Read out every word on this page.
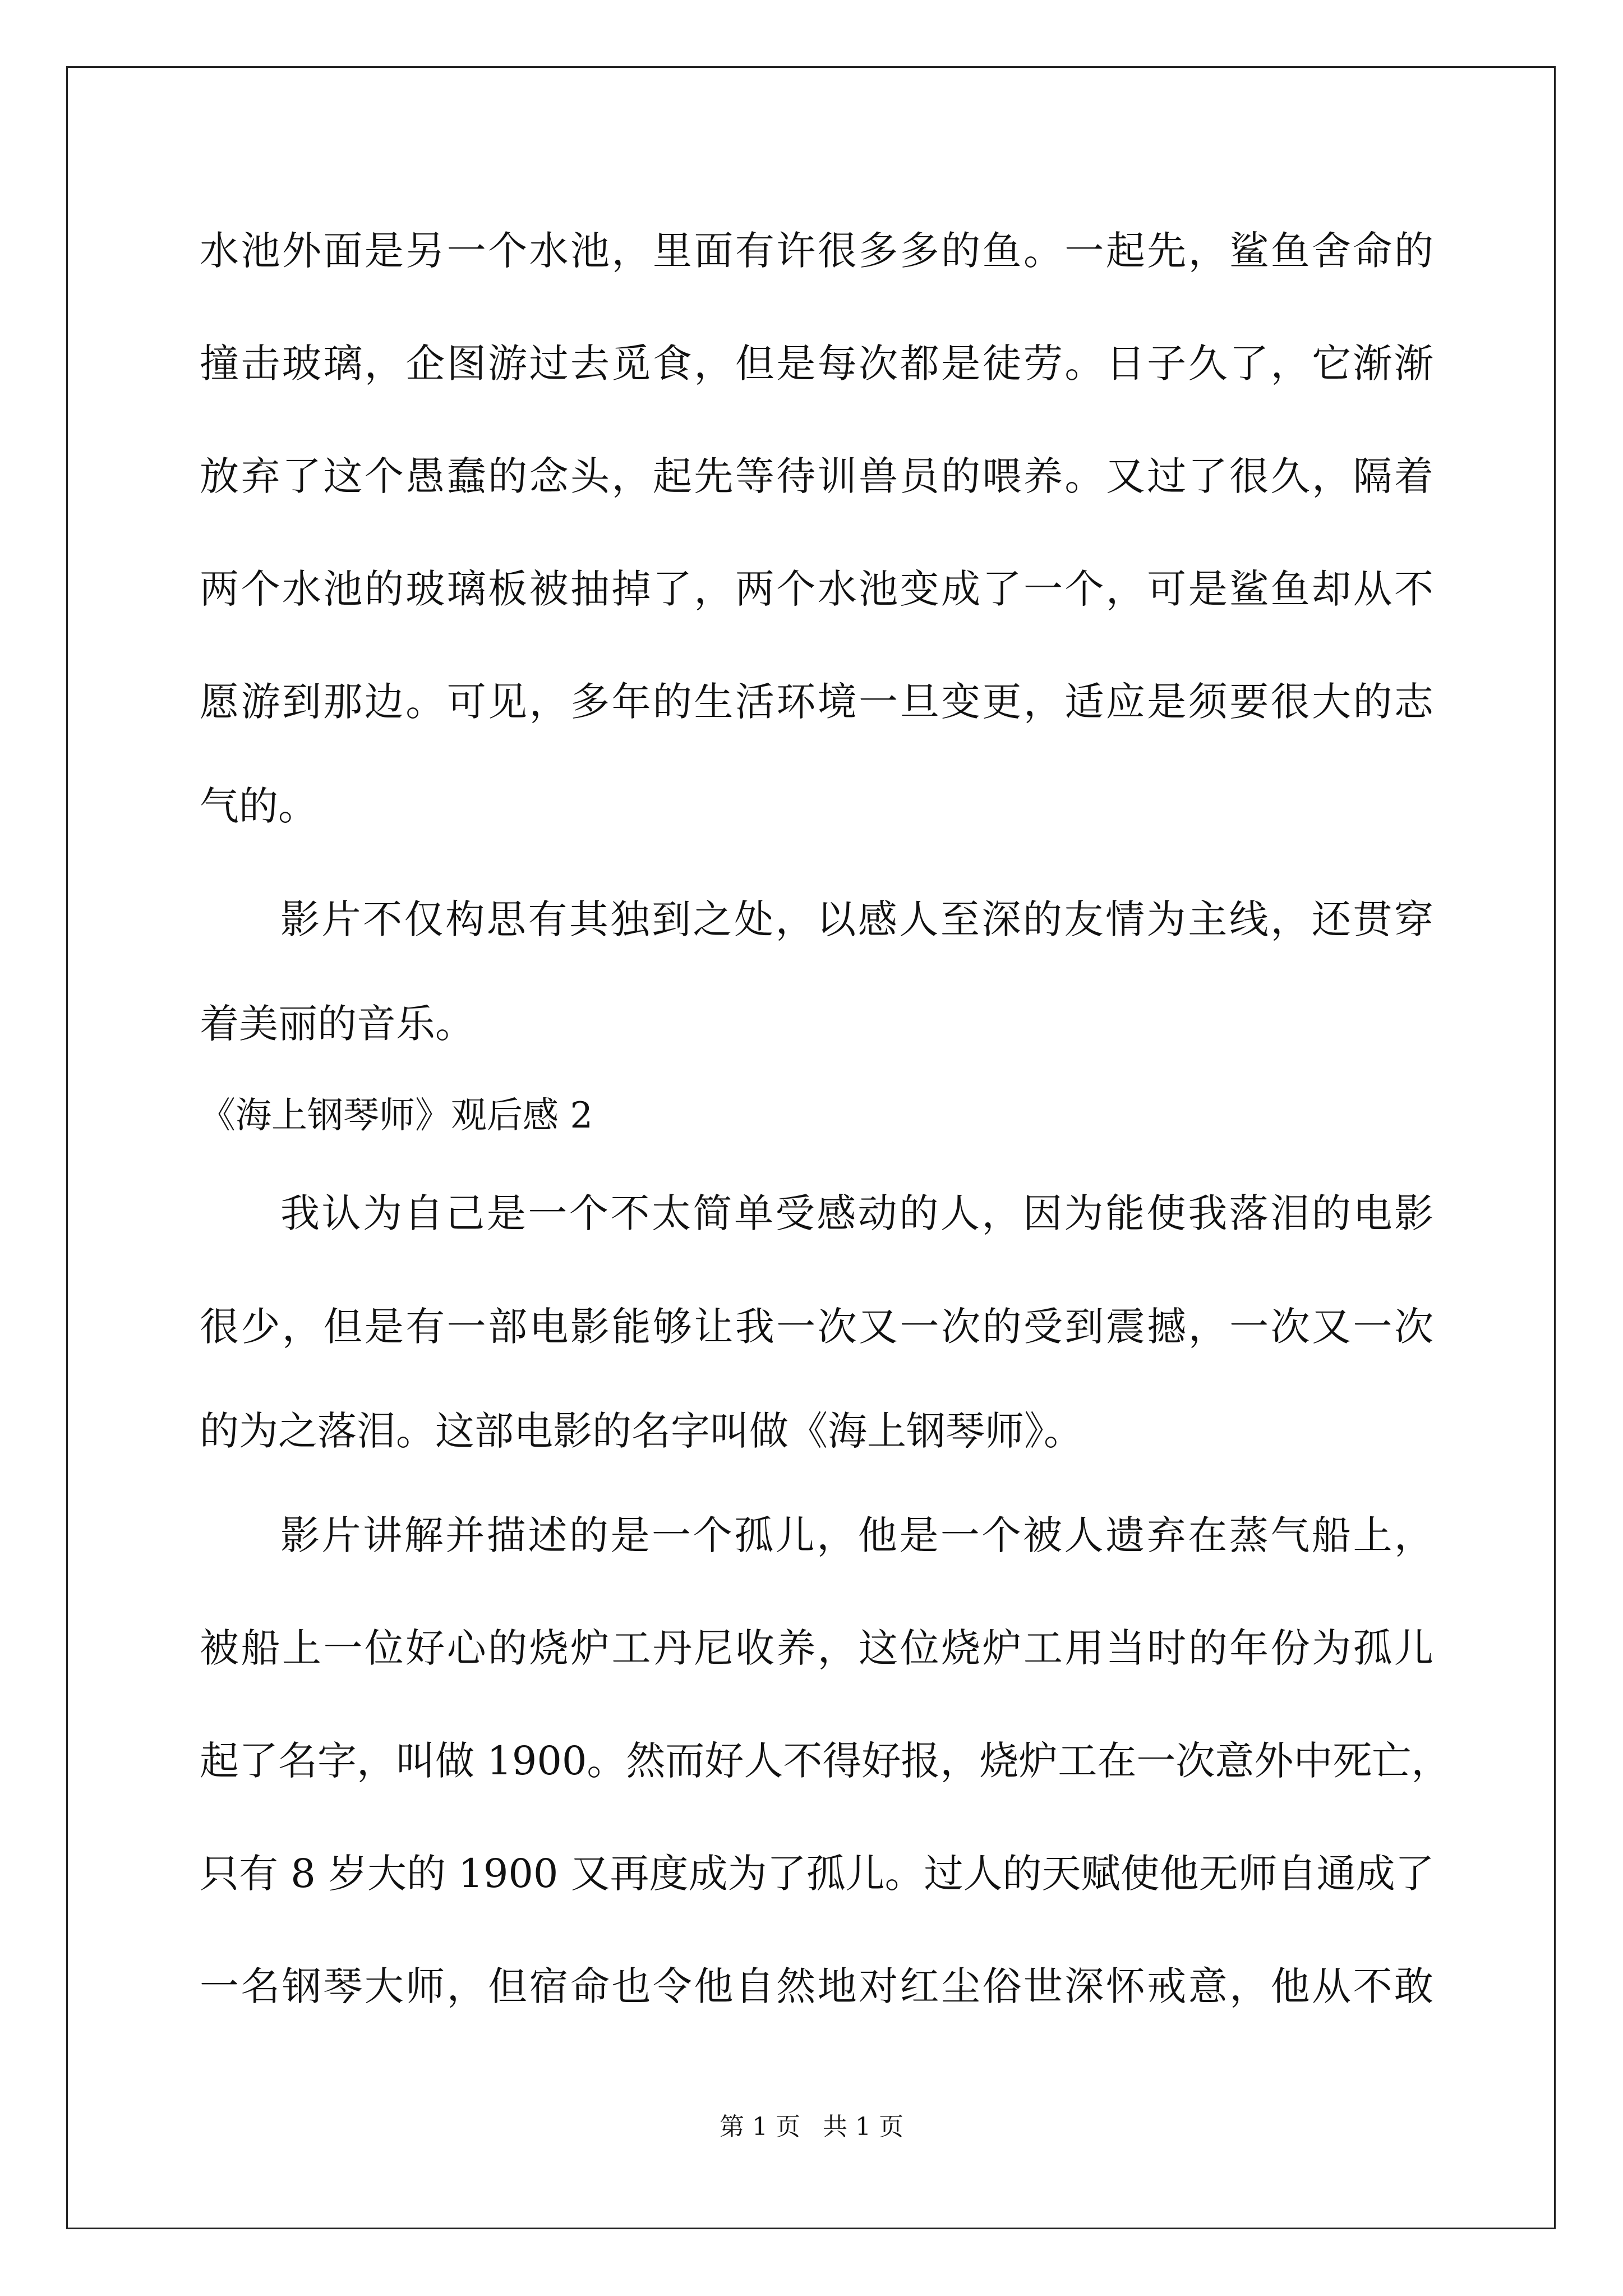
水池外面是另一个水池，里面有许很多多的鱼。一起先，鲨鱼舍命的
撞击玻璃，企图游过去觅食，但是每次都是徒劳。日子久了，它渐渐
放弃了这个愚蠢的念头，起先等待训兽员的喂养。又过了很久，隔着
两个水池的玻璃板被抽掉了，两个水池变成了一个，可是鲨鱼却从不
愿游到那边。可见，多年的生活环境一旦变更，适应是须要很大的志
气的。
影片不仅构思有其独到之处，以感人至深的友情为主线，还贯穿
着美丽的音乐。
《海上钢琴师》观后感 2
我认为自己是一个不太简单受感动的人，因为能使我落泪的电影
很少，但是有一部电影能够让我一次又一次的受到震撼，一次又一次
的为之落泪。这部电影的名字叫做《海上钢琴师》。
影片讲解并描述的是一个孤儿，他是一个被人遗弃在蒸气船上，
被船上一位好心的烧炉工丹尼收养，这位烧炉工用当时的年份为孤儿
起了名字，叫做 1900。然而好人不得好报，烧炉工在一次意外中死亡，
只有 8 岁大的 1900 又再度成为了孤儿。过人的天赋使他无师自通成了
一名钢琴大师，但宿命也令他自然地对红尘俗世深怀戒意，他从不敢
第 1 页 共 1 页
